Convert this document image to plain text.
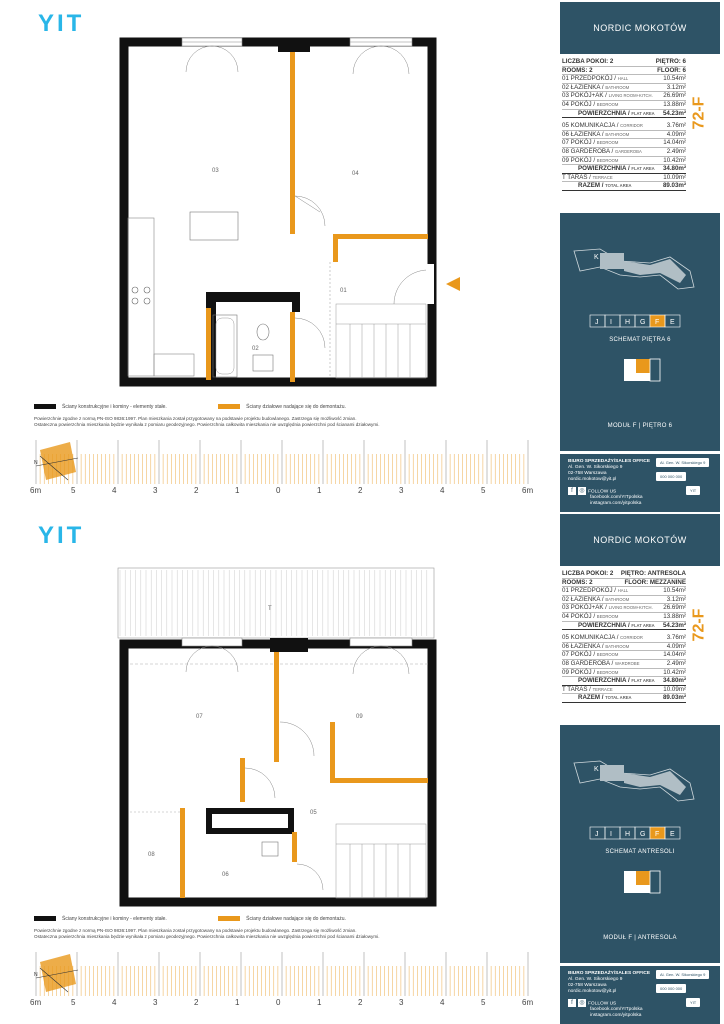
YIT
03	04
01
02
Ściany konstrukcyjne i kominy - elementy stałe.	Ściany działowe nadające się do demontażu.
Powierzchnie zgodne z normą PN-ISO 9836:1997. Plan mieszkania został przygotowany na podstawie projektu budowlanego. Zastrzega się możliwość zmian.
Ostateczna powierzchnia mieszkania będzie wynikała z pomiaru geodezyjnego. Powierzchnia całkowita mieszkania nie uwzględnia powierzchni pod ścianami działowymi.
N
6m	5	4	3	2	1	0	1	2	3	4	5	6m
NORDIC MOKOTÓW
LICZBA POKOI: 2	PIĘTRO: 6
ROOMS: 2	FLOOR: 6
01 PRZEDPOKÓJ / HALL	10.54m²
02 ŁAZIENKA / BATHROOM	3.12m²
03 POKÓJ+AK / LIVING ROOM+KITCH. 26.69m²
04 POKÓJ / BEDROOM	13.88m²
POWIERZCHNIA / FLAT AREA 54.23m²
05 KOMUNIKACJA / CORRIDOR	3.76m²
06 ŁAZIENKA / BATHROOM	4.09m²
07 POKÓJ / BEDROOM	14.04m²
08 GARDEROBA / GARDEROBA	2.49m²
09 POKÓJ / BEDROOM	10.42m²
POWIERZCHNIA / FLAT AREA 34.80m²
T TARAS / TERRACE	10.09m²
RAZEM / TOTAL AREA	89.03m²
72-F
K
J I H G F E
SCHEMAT PIĘTRA 6
MODUŁ F | PIĘTRO 6
BIURO SPRZEDAŻY/SALES OFFICE
Al. Gen. W. Sikorskiego 9
02-758 Warszawa
nordic.mokotow@yit.pl
f ◎ FOLLOW US
facebook.com/YITpolska
instagram.com/yitpolska
Al. Gen. W. Sikorskiego 9
000 000 000
YIT
YIT
T
07	09
05
08
06
Ściany konstrukcyjne i kominy - elementy stałe.	Ściany działowe nadające się do demontażu.
Powierzchnie zgodne z normą PN-ISO 9836:1997. Plan mieszkania został przygotowany na podstawie projektu budowlanego. Zastrzega się możliwość zmian.
Ostateczna powierzchnia mieszkania będzie wynikała z pomiaru geodezyjnego. Powierzchnia całkowita mieszkania nie uwzględnia powierzchni pod ścianami działowymi.
N
6m	5	4	3	2	1	0	1	2	3	4	5	6m
NORDIC MOKOTÓW
LICZBA POKOI: 2 PIĘTRO: ANTRESOLA
ROOMS: 2	FLOOR: MEZZANINE
01 PRZEDPOKÓJ / HALL	10.54m²
02 ŁAZIENKA / BATHROOM	3.12m²
03 POKÓJ+AK / LIVING ROOM+KITCH. 26.69m²
04 POKÓJ / BEDROOM	13.88m²
POWIERZCHNIA / FLAT AREA 54.23m²
05 KOMUNIKACJA / CORRIDOR	3.76m²
06 ŁAZIENKA / BATHROOM	4.09m²
07 POKÓJ / BEDROOM	14.04m²
08 GARDEROBA / WARDROBE	2.49m²
09 POKÓJ / BEDROOM	10.42m²
POWIERZCHNIA / FLAT AREA 34.80m²
T TARAS / TERRACE	10.09m²
RAZEM / TOTAL AREA	89.03m²
72-F
K
J I H G F E
SCHEMAT ANTRESOLI
MODUŁ F | ANTRESOLA
BIURO SPRZEDAŻY/SALES OFFICE
Al. Gen. W. Sikorskiego 9
02-758 Warszawa
nordic.mokotow@yit.pl
f ◎ FOLLOW US
facebook.com/YITpolska
instagram.com/yitpolska
Al. Gen. W. Sikorskiego 9
000 000 000
YIT
